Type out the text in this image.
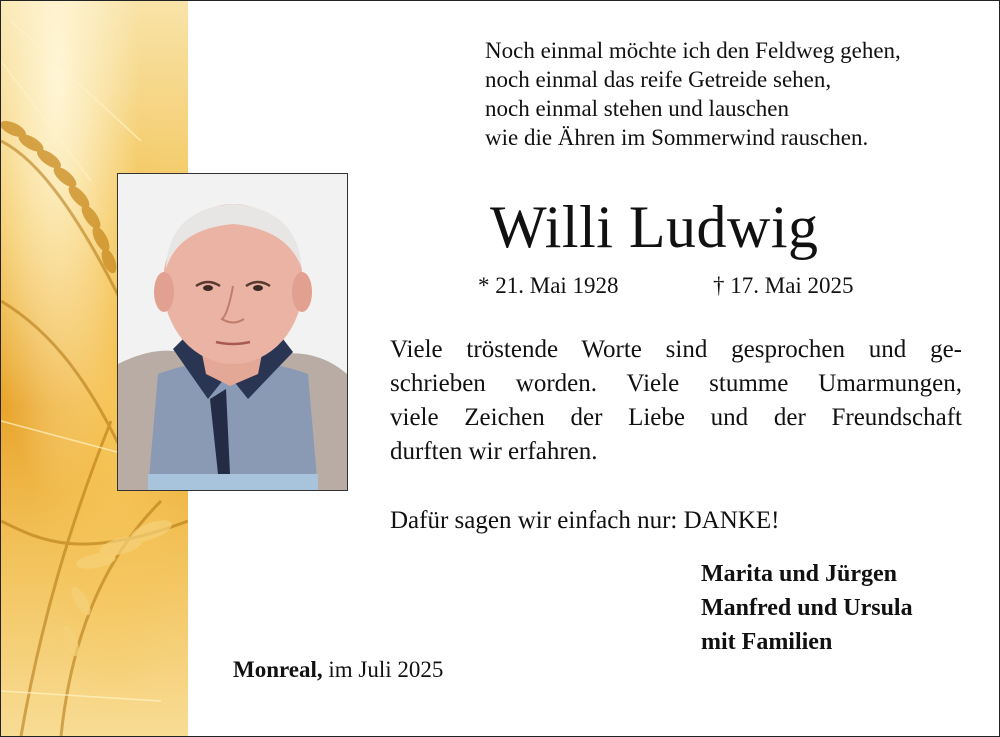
Noch einmal möchte ich den Feldweg gehen,
noch einmal das reife Getreide sehen,
noch einmal stehen und lauschen
wie die Ähren im Sommerwind rauschen.
Willi Ludwig
* 21. Mai 1928	† 17. Mai 2025
Viele tröstende Worte sind gesprochen und ge-
schrieben worden. Viele stumme Umarmungen,
viele Zeichen der Liebe und der Freundschaft
durften wir erfahren.
Dafür sagen wir einfach nur: DANKE!
Marita und Jürgen
Manfred und Ursula
mit Familien
Monreal, im Juli 2025
